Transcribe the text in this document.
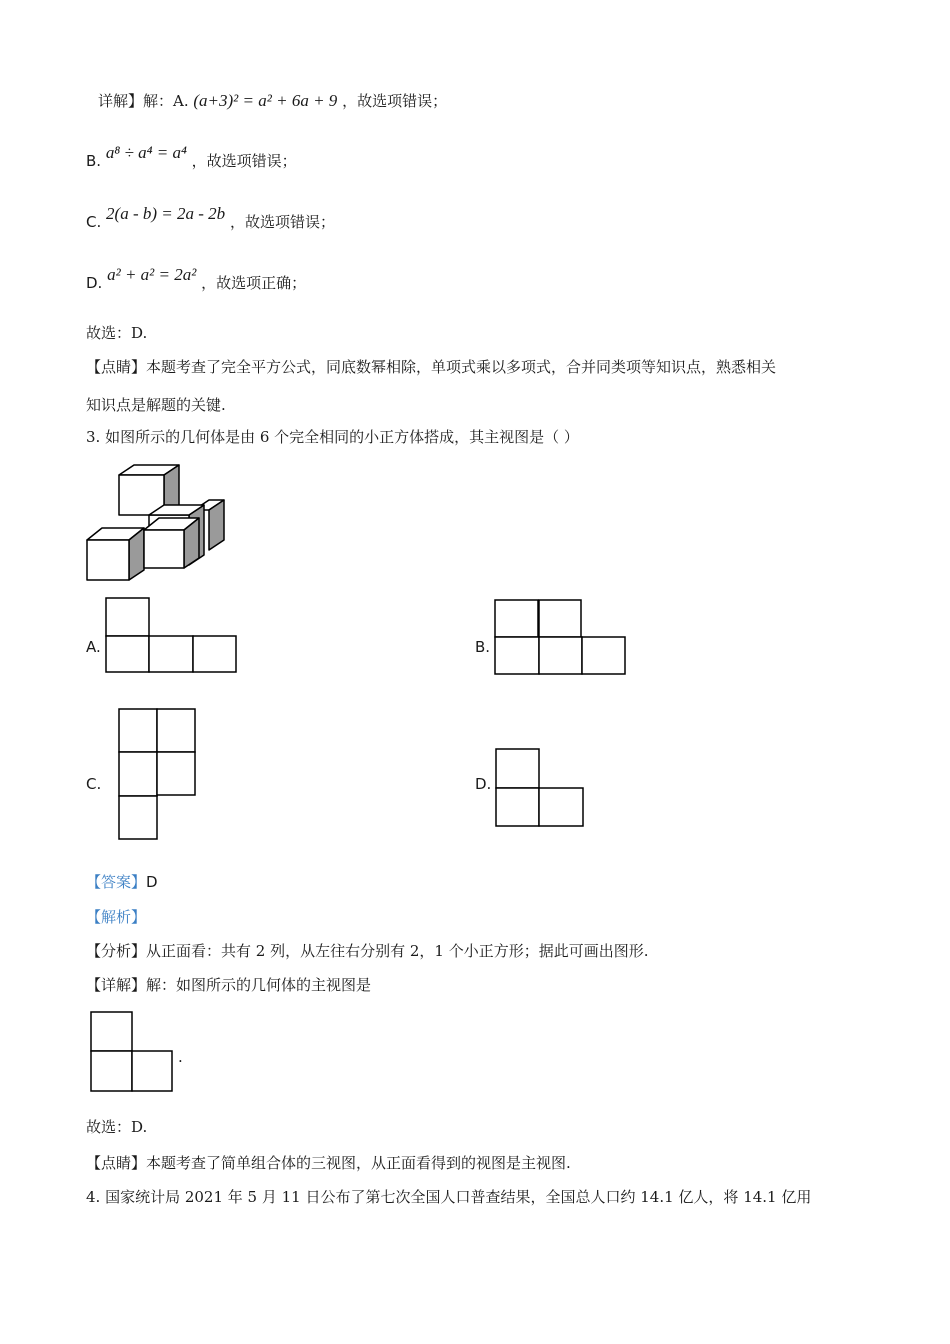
详解】解：A. (a+3)² = a² + 6a + 9 ，故选项错误；
B. a⁸ ÷ a⁴ = a⁴ ，故选项错误；
C. 2(a - b) = 2a - 2b ，故选项错误；
D. a² + a² = 2a² ，故选项正确；
故选：D.
【点睛】本题考查了完全平方公式，同底数幂相除，单项式乘以多项式，合并同类项等知识点，熟悉相关
知识点是解题的关键.
3. 如图所示的几何体是由 6 个完全相同的小正方体搭成，其主视图是（ ）
A.	B.
C.	D.
【答案】D
【解析】
【分析】从正面看：共有 2 列，从左往右分别有 2，1 个小正方形；据此可画出图形.
【详解】解：如图所示的几何体的主视图是
.
故选：D.
【点睛】本题考查了简单组合体的三视图，从正面看得到的视图是主视图.
4. 国家统计局 2021 年 5 月 11 日公布了第七次全国人口普查结果，全国总人口约 14.1 亿人，将 14.1 亿用
